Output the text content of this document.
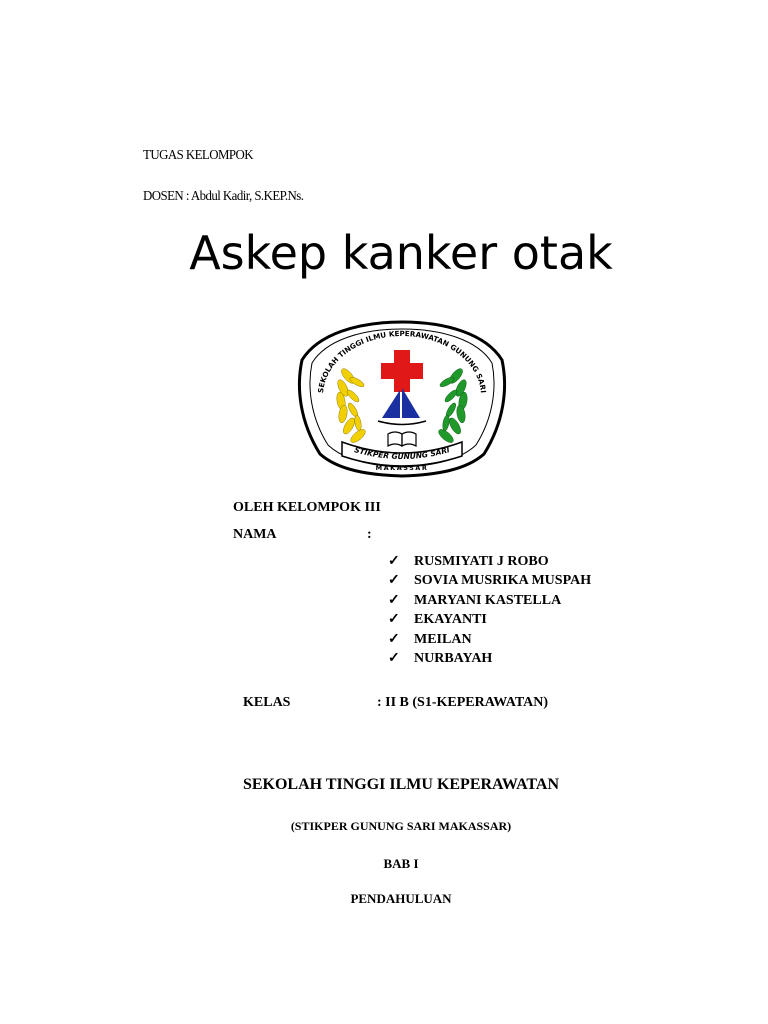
TUGAS KELOMPOK
DOSEN : Abdul Kadir, S.KEP.Ns.
Askep kanker otak
SEKOLAH TINGGI ILMU KEPERAWATAN GUNUNG SARI
STIKPER GUNUNG SARI
MAKASSAR
OLEH KELOMPOK III
NAMA	:
✓ RUSMIYATI J ROBO
✓ SOVIA MUSRIKA MUSPAH
✓ MARYANI KASTELLA
✓ EKAYANTI
✓ MEILAN
✓ NURBAYAH
KELAS	: II B (S1-KEPERAWATAN)
SEKOLAH TINGGI ILMU KEPERAWATAN
(STIKPER GUNUNG SARI MAKASSAR)
BAB I
PENDAHULUAN
